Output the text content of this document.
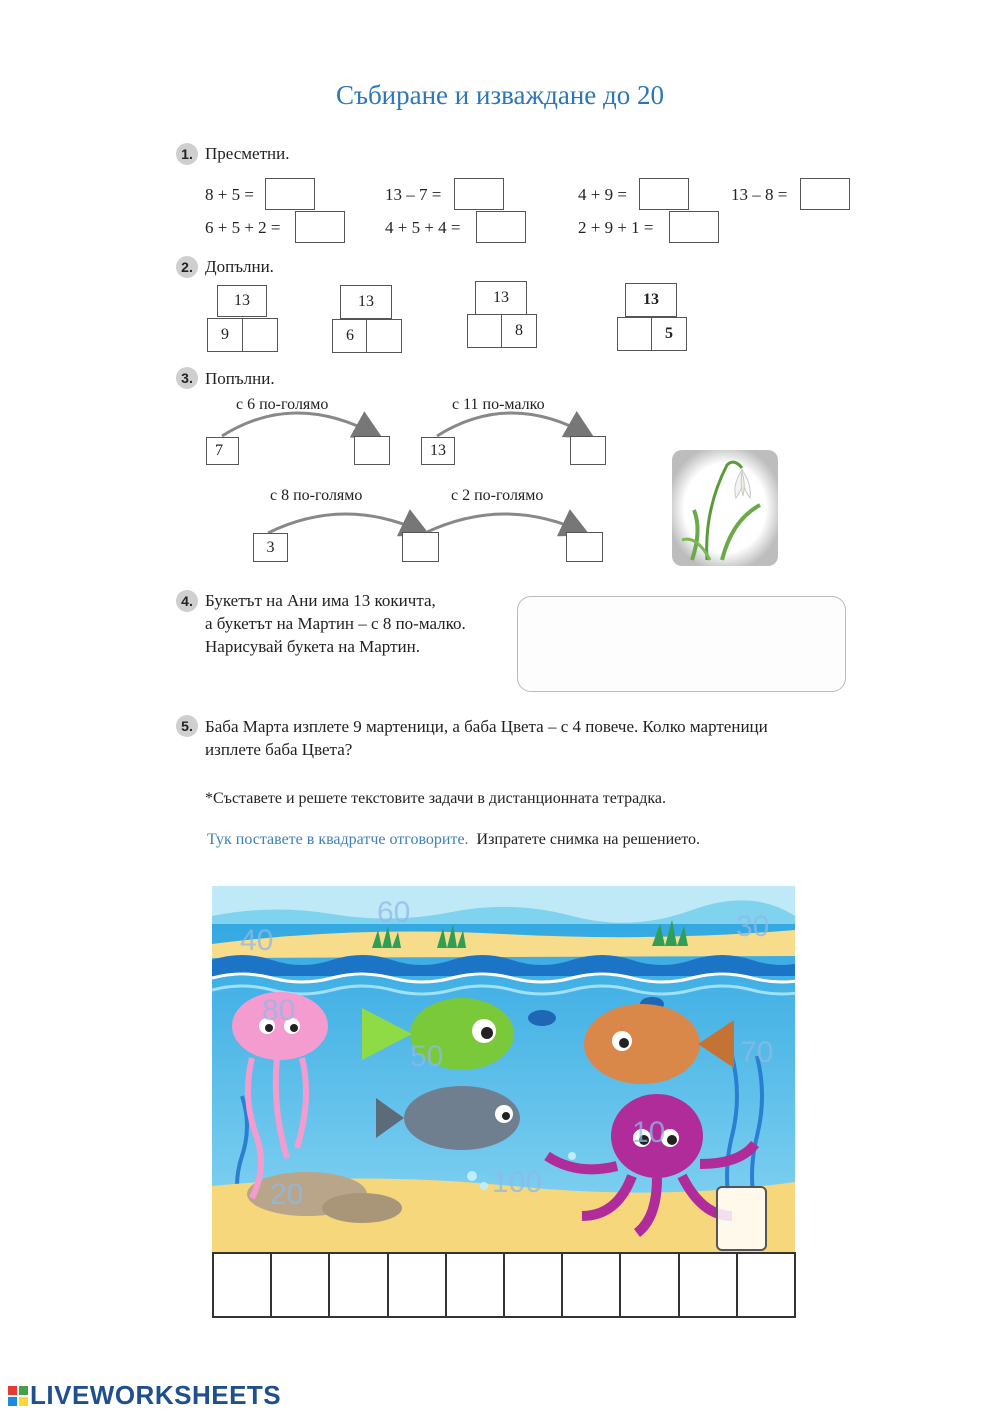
Събиране и изваждане до 20
1. Пресметни.
8 + 5 =	13 – 7 =	4 + 9 =	13 – 8 =
6 + 5 + 2 =	4 + 5 + 4 =	2 + 9 + 1 =
2. Допълни.
13
9
13
6
13
8
13
5
3. Попълни.
с 6 по-голямо	с 11 по-малко
с 8 по-голямо	с 2 по-голямо
7	13
3
4. Букетът на Ани има 13 кокичта,
а букетът на Мартин – с 8 по-малко.
Нарисувай букета на Мартин.
5. Баба Марта изплете 9 мартеници, а баба Цвета – с 4 повече. Колко мартеници
изплете баба Цвета?
*Съставете и решете текстовите задачи в дистанционната тетрадка.
Тук поставете в квадратче отговорите. Изпратете снимка на решението.
40
60	30
80
50	70
10
20	100
LIVEWORKSHEETS
